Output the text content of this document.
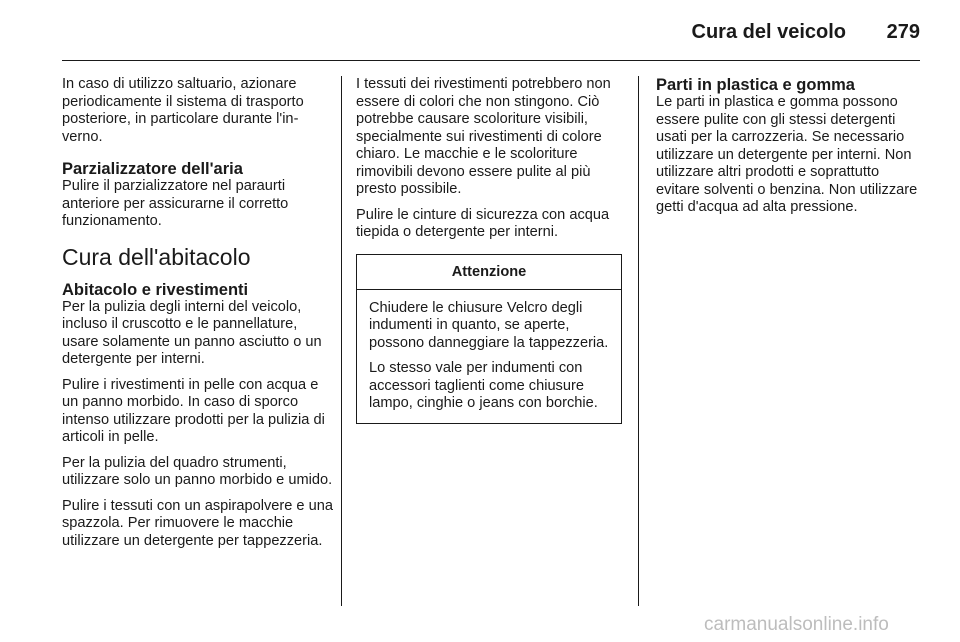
Cura del veicolo	279

In caso di utilizzo saltuario, azionare periodicamente il sistema di trasporto posteriore, in particolare durante l'inverno.

Parzializzatore dell'aria

Pulire il parzializzatore nel paraurti anteriore per assicurarne il corretto funzionamento.

Cura dell'abitacolo
Abitacolo e rivestimenti

Per la pulizia degli interni del veicolo, incluso il cruscotto e le pannellature, usare solamente un panno asciutto o un detergente per interni.

Pulire i rivestimenti in pelle con acqua e un panno morbido. In caso di sporco intenso utilizzare prodotti per la pulizia di articoli in pelle.

Per la pulizia del quadro strumenti, utilizzare solo un panno morbido e umido.

Pulire i tessuti con un aspirapolvere e una spazzola. Per rimuovere le macchie utilizzare un detergente per tappezzeria.

I tessuti dei rivestimenti potrebbero non essere di colori che non stingono. Ciò potrebbe causare scoloriture visibili, specialmente sui rivestimenti di colore chiaro. Le macchie e le scoloriture rimovibili devono essere pulite al più presto possibile.

Pulire le cinture di sicurezza con acqua tiepida o detergente per interni.

Attenzione

Chiudere le chiusure Velcro degli indumenti in quanto, se aperte, possono danneggiare la tappezzeria.

Lo stesso vale per indumenti con accessori taglienti come chiusure lampo, cinghie o jeans con borchie.

Parti in plastica e gomma

Le parti in plastica e gomma possono essere pulite con gli stessi detergenti usati per la carrozzeria. Se necessario utilizzare un detergente per interni. Non utilizzare altri prodotti e soprattutto evitare solventi o benzina. Non utilizzare getti d'acqua ad alta pressione.

carmanualsonline.info
